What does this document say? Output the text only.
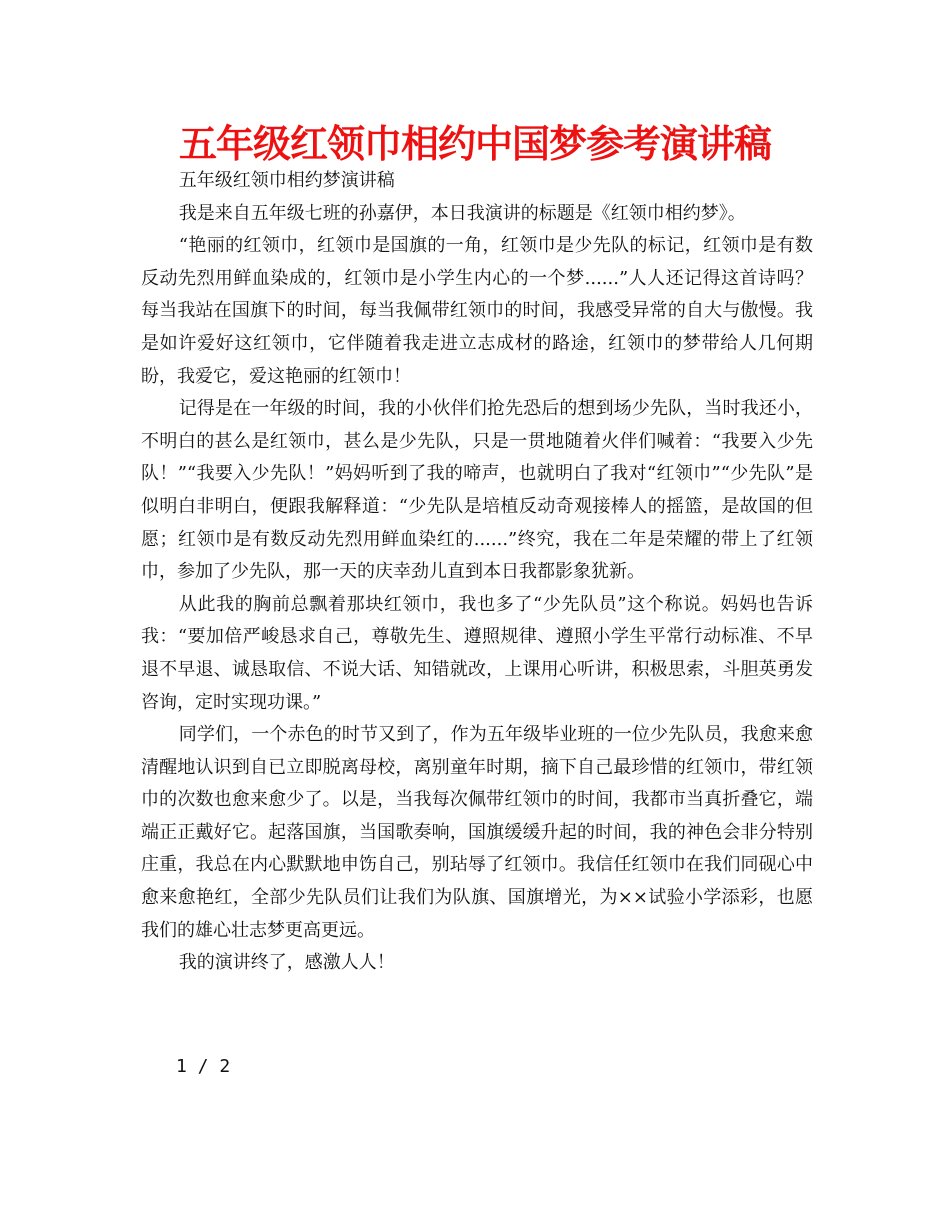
五年级红领巾相约中国梦参考演讲稿

五年级红领巾相约梦演讲稿

我是来自五年级七班的孙嘉伊，本日我演讲的标题是《红领巾相约梦》。

“艳丽的红领巾，红领巾是国旗的一角，红领巾是少先队的标记，红领巾是有数反动先烈用鲜血染成的，红领巾是小学生内心的一个梦......”人人还记得这首诗吗？每当我站在国旗下的时间，每当我佩带红领巾的时间，我感受异常的自大与傲慢。我是如许爱好这红领巾，它伴随着我走进立志成材的路途，红领巾的梦带给人几何期盼，我爱它，爱这艳丽的红领巾！

记得是在一年级的时间，我的小伙伴们抢先恐后的想到场少先队，当时我还小，不明白的甚么是红领巾，甚么是少先队，只是一贯地随着火伴们喊着：“我要入少先队！”“我要入少先队！”妈妈听到了我的啼声，也就明白了我对“红领巾”“少先队”是似明白非明白，便跟我解释道：“少先队是培植反动奇观接棒人的摇篮，是故国的但愿；红领巾是有数反动先烈用鲜血染红的......”终究，我在二年是荣耀的带上了红领巾，参加了少先队，那一天的庆幸劲儿直到本日我都影象犹新。

从此我的胸前总飘着那块红领巾，我也多了“少先队员”这个称说。妈妈也告诉我：“要加倍严峻恳求自己，尊敬先生、遵照规律、遵照小学生平常行动标准、不早退不早退、诚恳取信、不说大话、知错就改，上课用心听讲，积极思索，斗胆英勇发咨询，定时实现功课。”

同学们，一个赤色的时节又到了，作为五年级毕业班的一位少先队员，我愈来愈清醒地认识到自已立即脱离母校，离别童年时期，摘下自己最珍惜的红领巾，带红领巾的次数也愈来愈少了。以是，当我每次佩带红领巾的时间，我都市当真折叠它，端端正正戴好它。起落国旗，当国歌奏响，国旗缓缓升起的时间，我的神色会非分特别庄重，我总在内心默默地申饬自己，别玷辱了红领巾。我信任红领巾在我们同砚心中愈来愈艳红，全部少先队员们让我们为队旗、国旗增光，为××试验小学添彩，也愿我们的雄心壮志梦更高更远。

我的演讲终了，感激人人！

1 / 2
